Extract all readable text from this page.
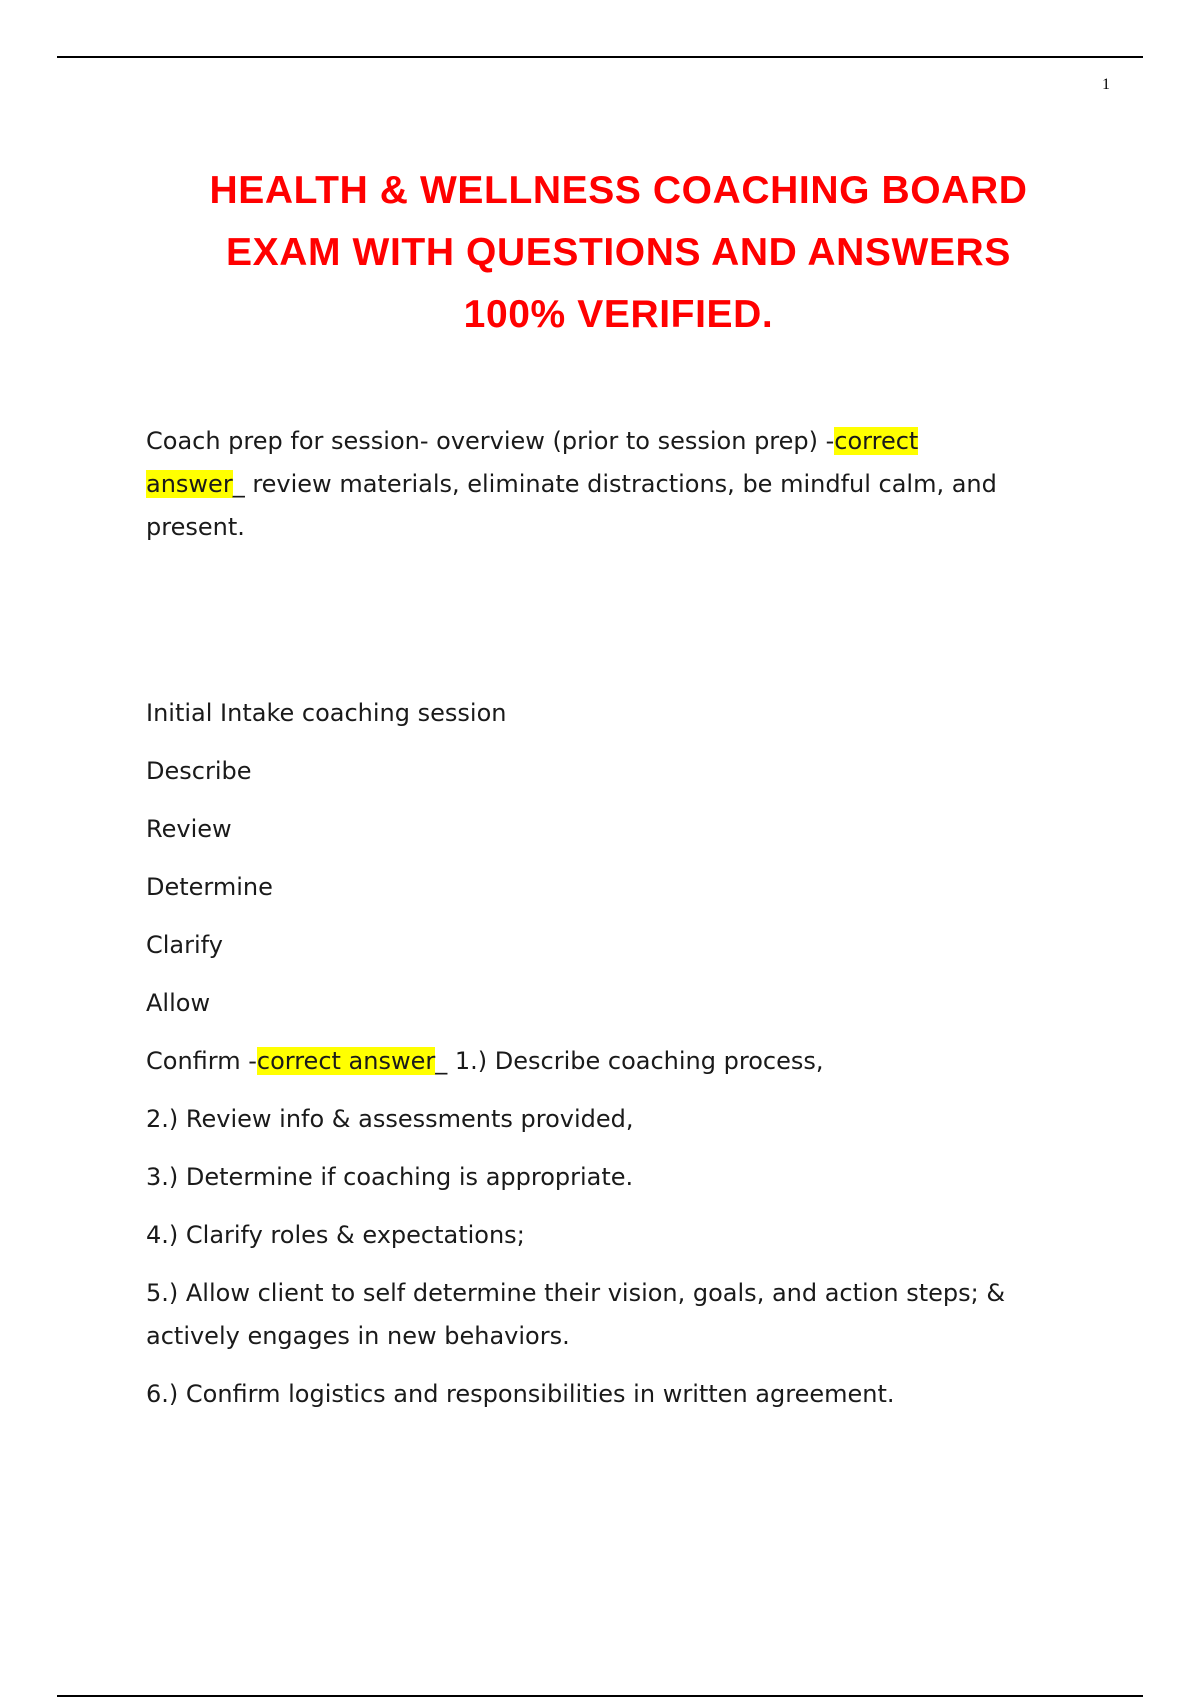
1
HEALTH & WELLNESS COACHING BOARD
EXAM WITH QUESTIONS AND ANSWERS
100% VERIFIED.
Coach prep for session- overview (prior to session prep) -correct
answer_ review materials, eliminate distractions, be mindful calm, and present.
Initial Intake coaching session
Describe
Review
Determine
Clarify
Allow
Confirm -correct answer_ 1.) Describe coaching process,
2.) Review info & assessments provided,
3.) Determine if coaching is appropriate.
4.) Clarify roles & expectations;
5.) Allow client to self determine their vision, goals, and action steps; & actively engages in new behaviors.
6.) Confirm logistics and responsibilities in written agreement.
